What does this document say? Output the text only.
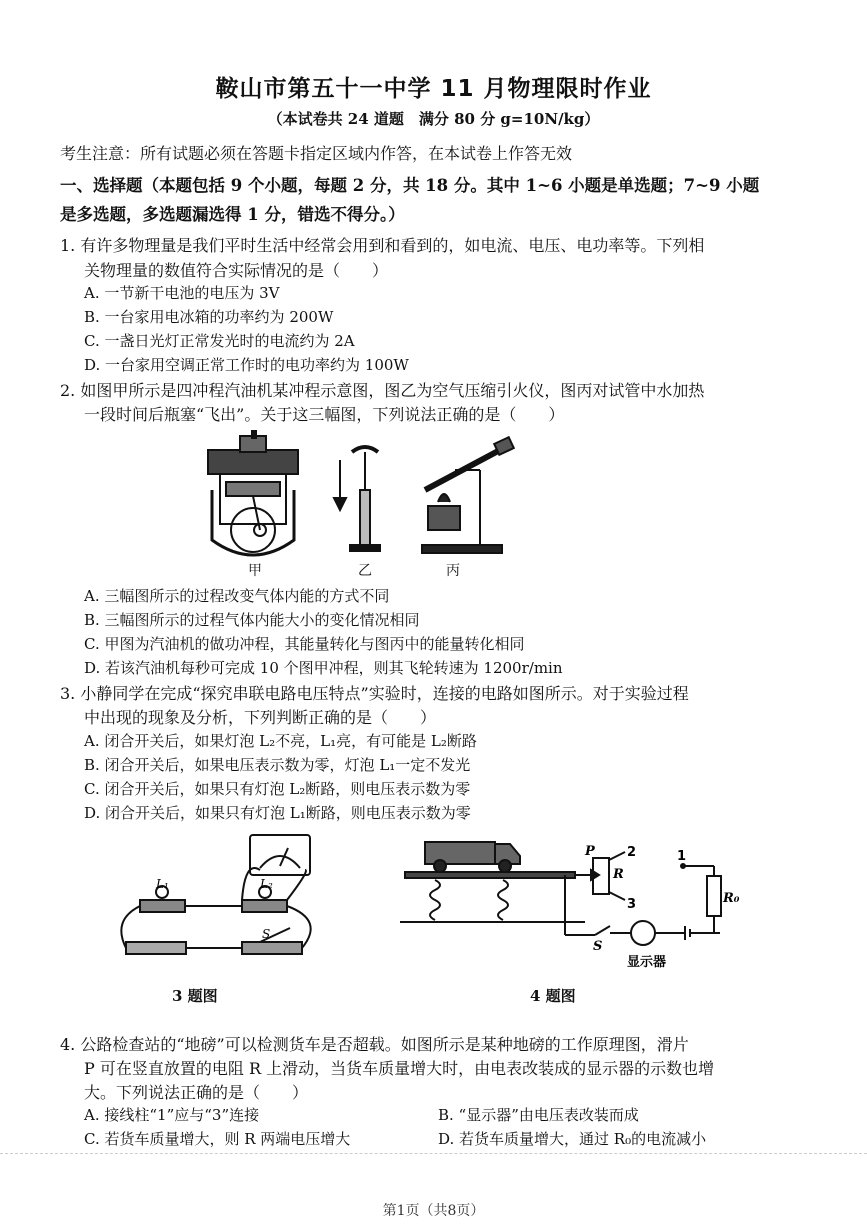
鞍山市第五十一中学 11 月物理限时作业
（本试卷共 24 道题　满分 80 分 g=10N/kg）
考生注意：所有试题必须在答题卡指定区域内作答，在本试卷上作答无效
一、选择题（本题包括 9 个小题，每题 2 分，共 18 分。其中 1~6 小题是单选题；7~9 小题
是多选题，多选题漏选得 1 分，错选不得分。）
1. 有许多物理量是我们平时生活中经常会用到和看到的，如电流、电压、电功率等。下列相
关物理量的数值符合实际情况的是（　　）
A. 一节新干电池的电压为 3V
B. 一台家用电冰箱的功率约为 200W
C. 一盏日光灯正常发光时的电流约为 2A
D. 一台家用空调正常工作时的电功率约为 100W
2. 如图甲所示是四冲程汽油机某冲程示意图，图乙为空气压缩引火仪，图丙对试管中水加热
一段时间后瓶塞“飞出”。关于这三幅图，下列说法正确的是（　　）
甲	乙	丙
A. 三幅图所示的过程改变气体内能的方式不同
B. 三幅图所示的过程气体内能大小的变化情况相同
C. 甲图为汽油机的做功冲程，其能量转化与图丙中的能量转化相同
D. 若该汽油机每秒可完成 10 个图甲冲程，则其飞轮转速为 1200r/min
3. 小静同学在完成“探究串联电路电压特点”实验时，连接的电路如图所示。对于实验过程
中出现的现象及分析，下列判断正确的是（　　）
A. 闭合开关后，如果灯泡 L₂不亮，L₁亮，有可能是 L₂断路
B. 闭合开关后，如果电压表示数为零，灯泡 L₁一定不发光
C. 闭合开关后，如果只有灯泡 L₂断路，则电压表示数为零
D. 闭合开关后，如果只有灯泡 L₁断路，则电压表示数为零
L₁	L₂
S
P
R
2
3
1
R₀
S
显示器
3 题图	4 题图
4. 公路检查站的“地磅”可以检测货车是否超载。如图所示是某种地磅的工作原理图，滑片
P 可在竖直放置的电阻 R 上滑动，当货车质量增大时，由电表改装成的显示器的示数也增
大。下列说法正确的是（　　）
A. 接线柱“1”应与“3”连接	B. “显示器”由电压表改装而成
C. 若货车质量增大，则 R 两端电压增大	D. 若货车质量增大，通过 R₀的电流减小
第1页（共8页）
